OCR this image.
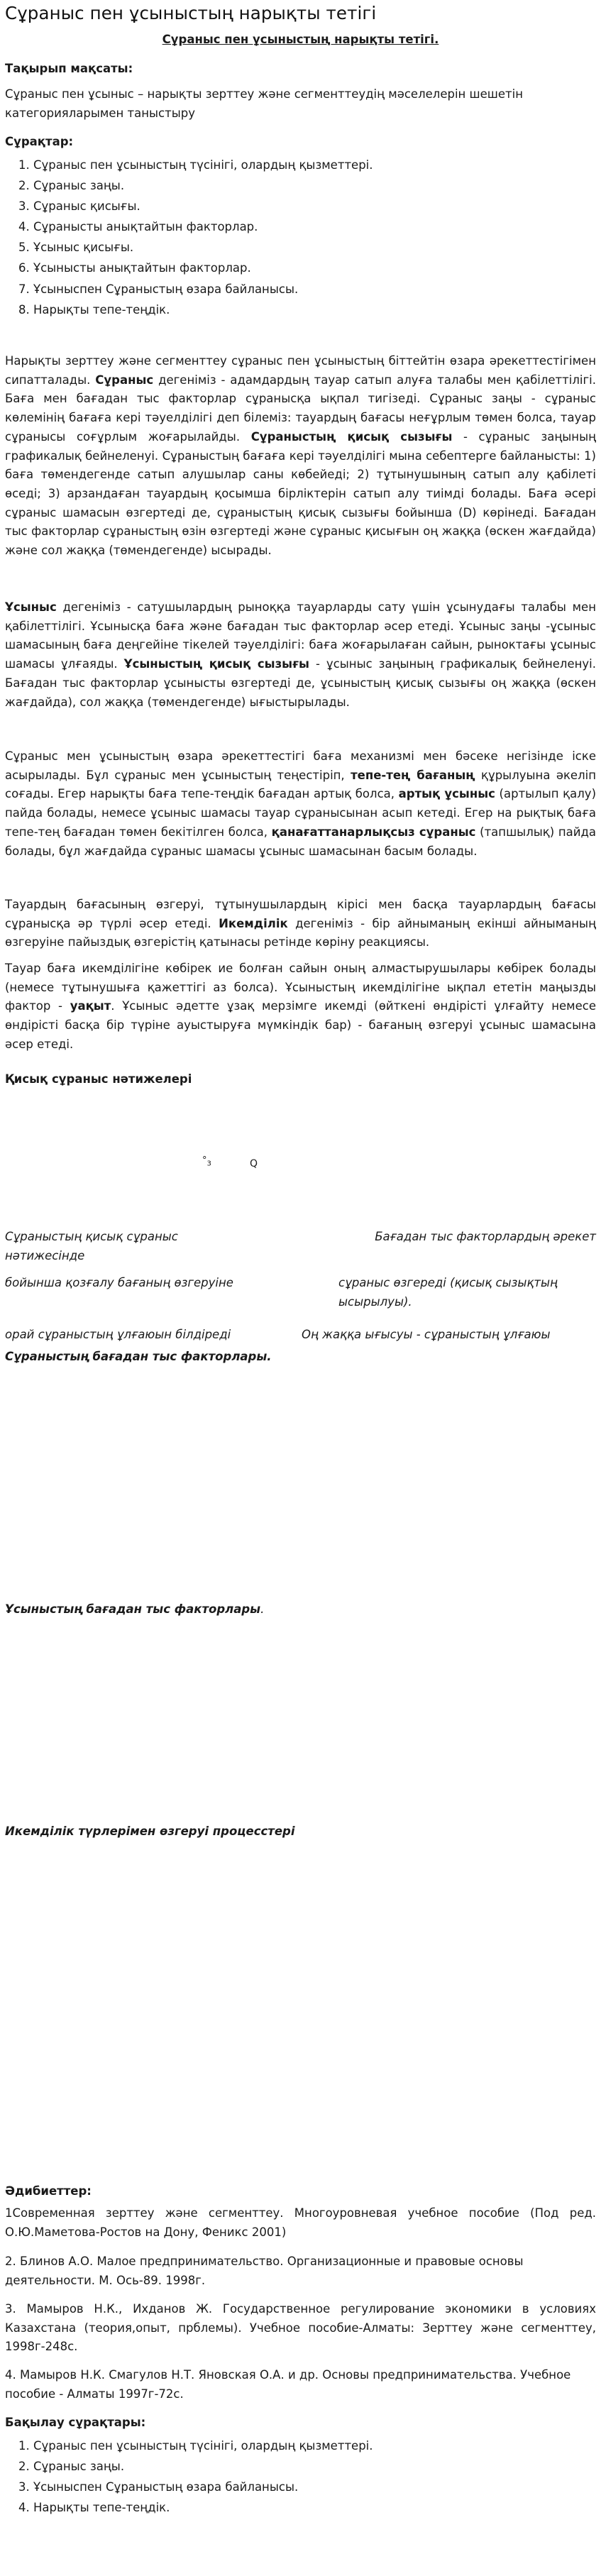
Сұраныс пен ұсыныстың нарықты тетігі

Сұраныс пен ұсыныстың нарықты тетігі.

Тақырып мақсаты:

Сұраныс пен ұсыныс – нарықты зерттеу және сегменттеудің мәселелерін шешетін категорияларымен таныстыру

Сұрақтар:

1. Сұраныс пен ұсыныстың түсінігі, олардың қызметтері.
2. Сұраныс заңы.
3. Сұраныс қисығы.
4. Сұранысты анықтайтын факторлар.
5. Ұсыныс қисығы.
6. Ұсынысты анықтайтын факторлар.
7. Ұсыныспен Сұраныстың өзара байланысы.
8. Нарықты тепе-теңдік.

Нарықты зерттеу және сегменттеу сұраныс пен ұсыныстың біттейтін өзара әрекеттестігімен сипатталады. Сұраныс дегеніміз - адамдардың тауар сатып алуға талабы мен қабілеттілігі. Баға мен бағадан тыс факторлар сұранысқа ықпал тигізеді. Сұраныс заңы - сұраныс көлемінің бағаға кері тәуелділігі деп білеміз: тауардың бағасы неғұрлым төмен болса, тауар сұранысы соғұрлым жоғарылайды. Сұраныстың қисық сызығы - сұраныс заңының графикалық бейнеленуі. Сұраныстың бағаға кері тәуелділігі мына себептерге байланысты: 1) баға төмендегенде сатып алушылар саны көбейеді; 2) тұтынушының сатып алу қабілеті өседі; 3) арзандаған тауардың қосымша бірліктерін сатып алу тиімді болады. Баға әсері сұраныс шамасын өзгертеді де, сұраныстың қисық сызығы бойынша (D) көрінеді. Бағадан тыс факторлар сұраныстың өзін өзгертеді және сұраныс қисығын оң жаққа (өскен жағдайда) және сол жаққа (төмендегенде) ысырады.

Ұсыныс дегеніміз - сатушылардың рыноққа тауарларды сату үшін ұсынудағы талабы мен қабілеттілігі. Ұсынысқа баға және бағадан тыс факторлар әсер етеді. Ұсыныс заңы -ұсыныс шамасының баға деңгейіне тікелей тәуелділігі: баға жоғарылаған сайын, рыноктағы ұсыныс шамасы ұлғаяды. Ұсыныстың қисық сызығы - ұсыныс заңының графикалық бейнеленуі. Бағадан тыс факторлар ұсынысты өзгертеді де, ұсыныстың қисық сызығы оң жаққа (өскен жағдайда), сол жаққа (төмендегенде) ығыстырылады.

Сұраныс мен ұсыныстың өзара әрекеттестігі баға механизмі мен бәсеке негізінде іске асырылады. Бұл сұраныс мен ұсыныстың теңестіріп, тепе-тең бағаның құрылуына әкеліп соғады. Егер нарықты баға тепе-теңдік бағадан артық болса, артық ұсыныс (артылып қалу) пайда болады, немесе ұсыныс шамасы тауар сұранысынан асып кетеді. Егер на рықтық баға тепе-тең бағадан төмен бекітілген болса, қанағаттанарлықсыз сұраныс (тапшылық) пайда болады, бұл жағдайда сұраныс шамасы ұсыныс шамасынан басым болады.

Тауардың бағасының өзгеруі, тұтынушылардың кірісі мен басқа тауарлардың бағасы сұранысқа әр түрлі әсер етеді. Икемділік дегеніміз - бір айныманың екінші айныманың өзгеруіне пайыздық өзгерістің қатынасы ретінде көріну реакциясы.

Тауар баға икемділігіне көбірек ие болған сайын оның алмастырушылары көбірек болады (немесе тұтынушыға қажеттігі аз болса). Ұсыныстың икемділігіне ықпал ететін маңызды фактор - уақыт. Ұсыныс әдетте ұзақ мерзімге икемді (өйткені өндірісті ұлғайту немесе өндірісті басқа бір түріне ауыстыруға мүмкіндік бар) - бағаның өзгеруі ұсыныс шамасына әсер етеді.

Қисық сұраныс нәтижелері

$^\circ_3$	Q
Сұраныстың қисық сұраныс нәтижесінде
Бағадан тыс факторлардың әрекет
бойынша қозғалу бағаның өзгеруіне	сұраныс өзгереді (қисық сызықтың ысырылуы).
орай сұраныстың ұлғаюын білдіреді	Оң жаққа ығысуы - сұраныстың ұлғаюы

Сұраныстың бағадан тыс факторлары.

Ұсыныстың бағадан тыс факторлары.

Икемділік түрлерімен өзгеруі процесстері

Әдибиеттер:

1Современная зерттеу және сегменттеу. Многоуровневая учебное пособие (Под ред. О.Ю.Маметова-Ростов на Дону, Феникс 2001)

2. Блинов А.О. Малое предпринимательство. Организационные и правовые основы деятельности. М. Ось-89. 1998г.

3. Мамыров Н.К., Ихданов Ж. Государственное регулирование экономики в условиях Казахстана (теория,опыт, прблемы). Учебное пособие-Алматы: Зерттеу және сегменттеу, 1998г-248с.

4. Мамыров Н.К. Смагулов Н.Т. Яновская О.А. и др. Основы предпринимательства. Учебное пособие - Алматы 1997г-72с.

Бақылау сұрақтары:

1. Сұраныс пен ұсыныстың түсінігі, олардың қызметтері.
2. Сұраныс заңы.
3. Ұсыныспен Сұраныстың өзара байланысы.
4. Нарықты тепе-теңдік.
